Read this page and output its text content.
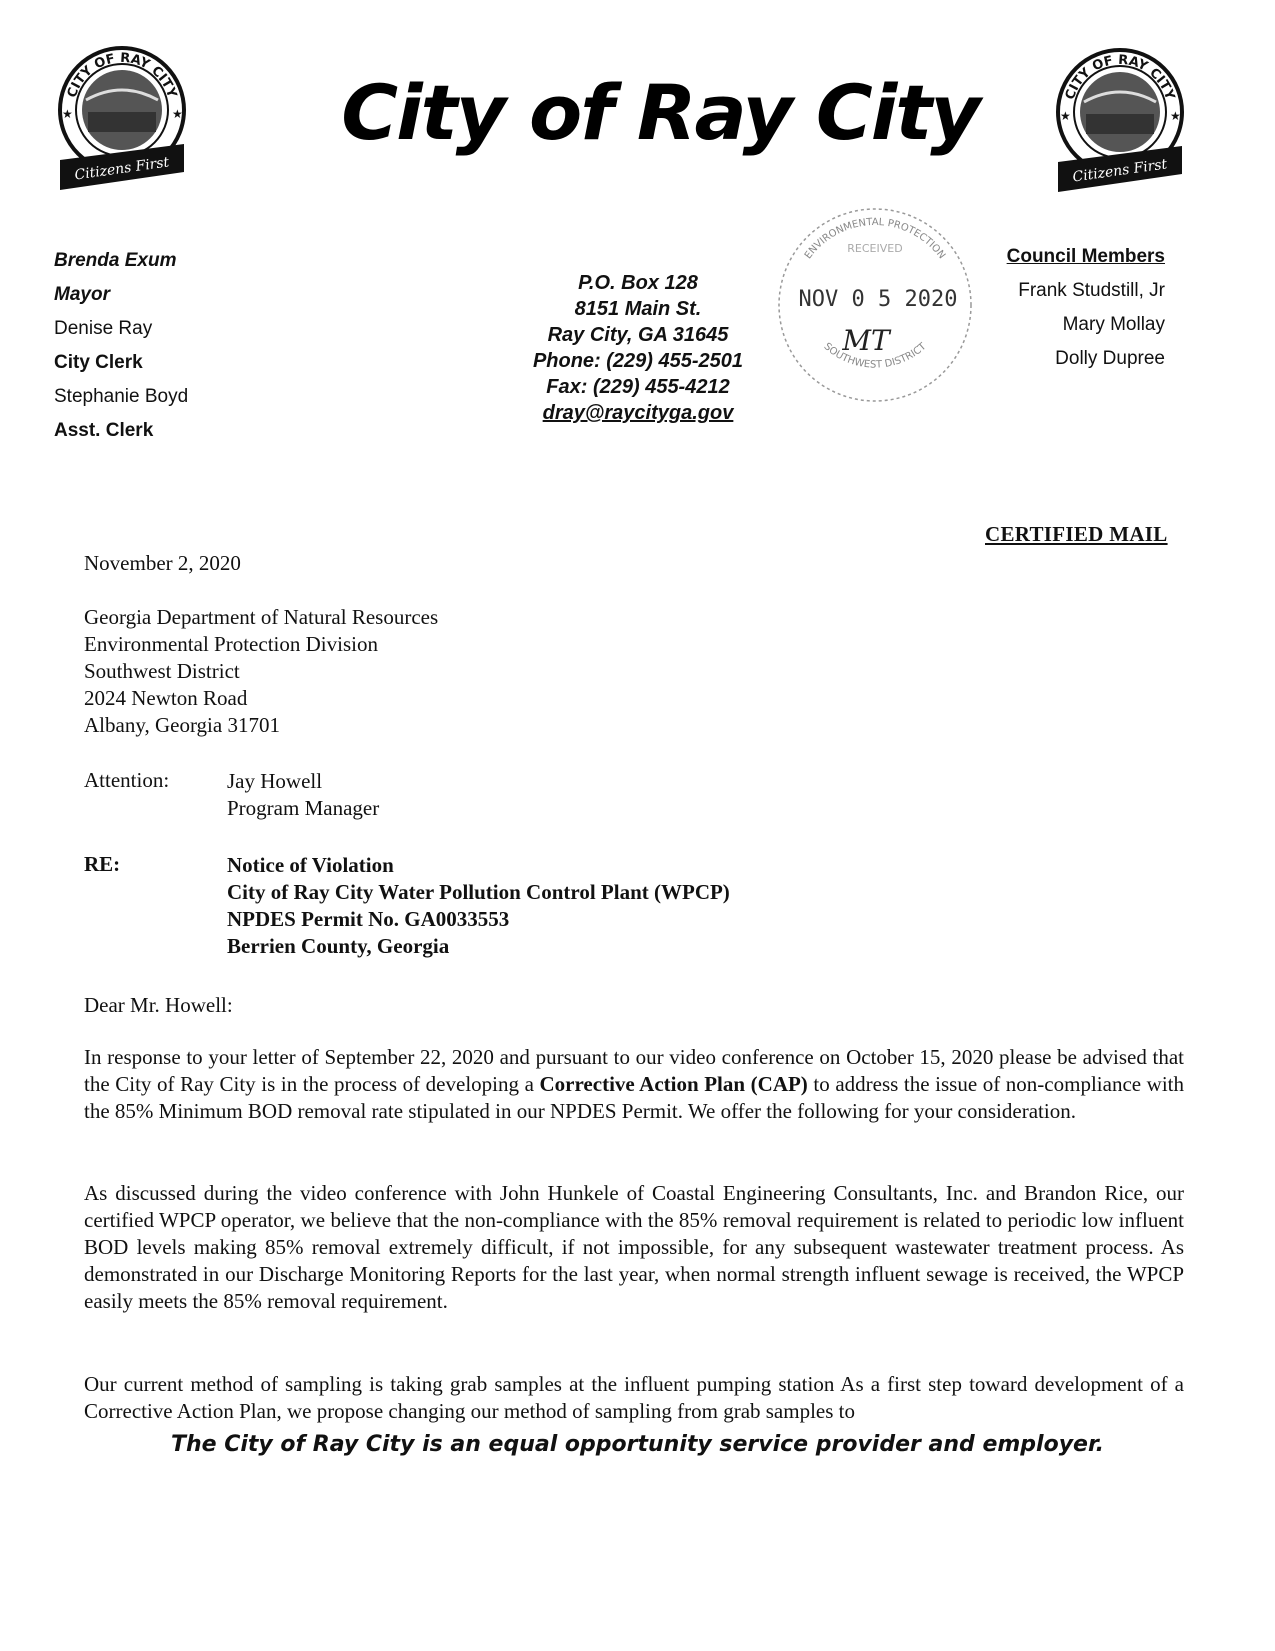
CITY OF RAY CITY
★	★
Citizens First
City of Ray City	CITY OF RAY CITY
★	★
Citizens First
Brenda Exum
Mayor
Denise Ray
City Clerk
Stephanie Boyd
Asst. Clerk
P.O. Box 128
8151 Main St.
Ray City, GA 31645
Phone: (229) 455-2501
Fax: (229) 455-4212
dray@raycityga.gov
ENVIRONMENTAL PROTECTION
RECEIVED
NOV 0 5 2020
MT
SOUTHWEST DISTRICT
Council Members
Frank Studstill, Jr
Mary Mollay
Dolly Dupree
CERTIFIED MAIL
November 2, 2020
Georgia Department of Natural Resources
Environmental Protection Division
Southwest District
2024 Newton Road
Albany, Georgia 31701
Attention:	Jay Howell
Program Manager
RE:	Notice of Violation
City of Ray City Water Pollution Control Plant (WPCP)
NPDES Permit No. GA0033553
Berrien County, Georgia
Dear Mr. Howell:
In response to your letter of September 22, 2020 and pursuant to our video conference on October 15, 2020 please be advised that the City of Ray City is in the process of developing a Corrective Action Plan (CAP) to address the issue of non-compliance with the 85% Minimum BOD removal rate stipulated in our NPDES Permit. We offer the following for your consideration.
As discussed during the video conference with John Hunkele of Coastal Engineering Consultants, Inc. and Brandon Rice, our certified WPCP operator, we believe that the non-compliance with the 85% removal requirement is related to periodic low influent BOD levels making 85% removal extremely difficult, if not impossible, for any subsequent wastewater treatment process. As demonstrated in our Discharge Monitoring Reports for the last year, when normal strength influent sewage is received, the WPCP easily meets the 85% removal requirement.
Our current method of sampling is taking grab samples at the influent pumping station As a first step toward development of a Corrective Action Plan, we propose changing our method of sampling from grab samples to
The City of Ray City is an equal opportunity service provider and employer.
